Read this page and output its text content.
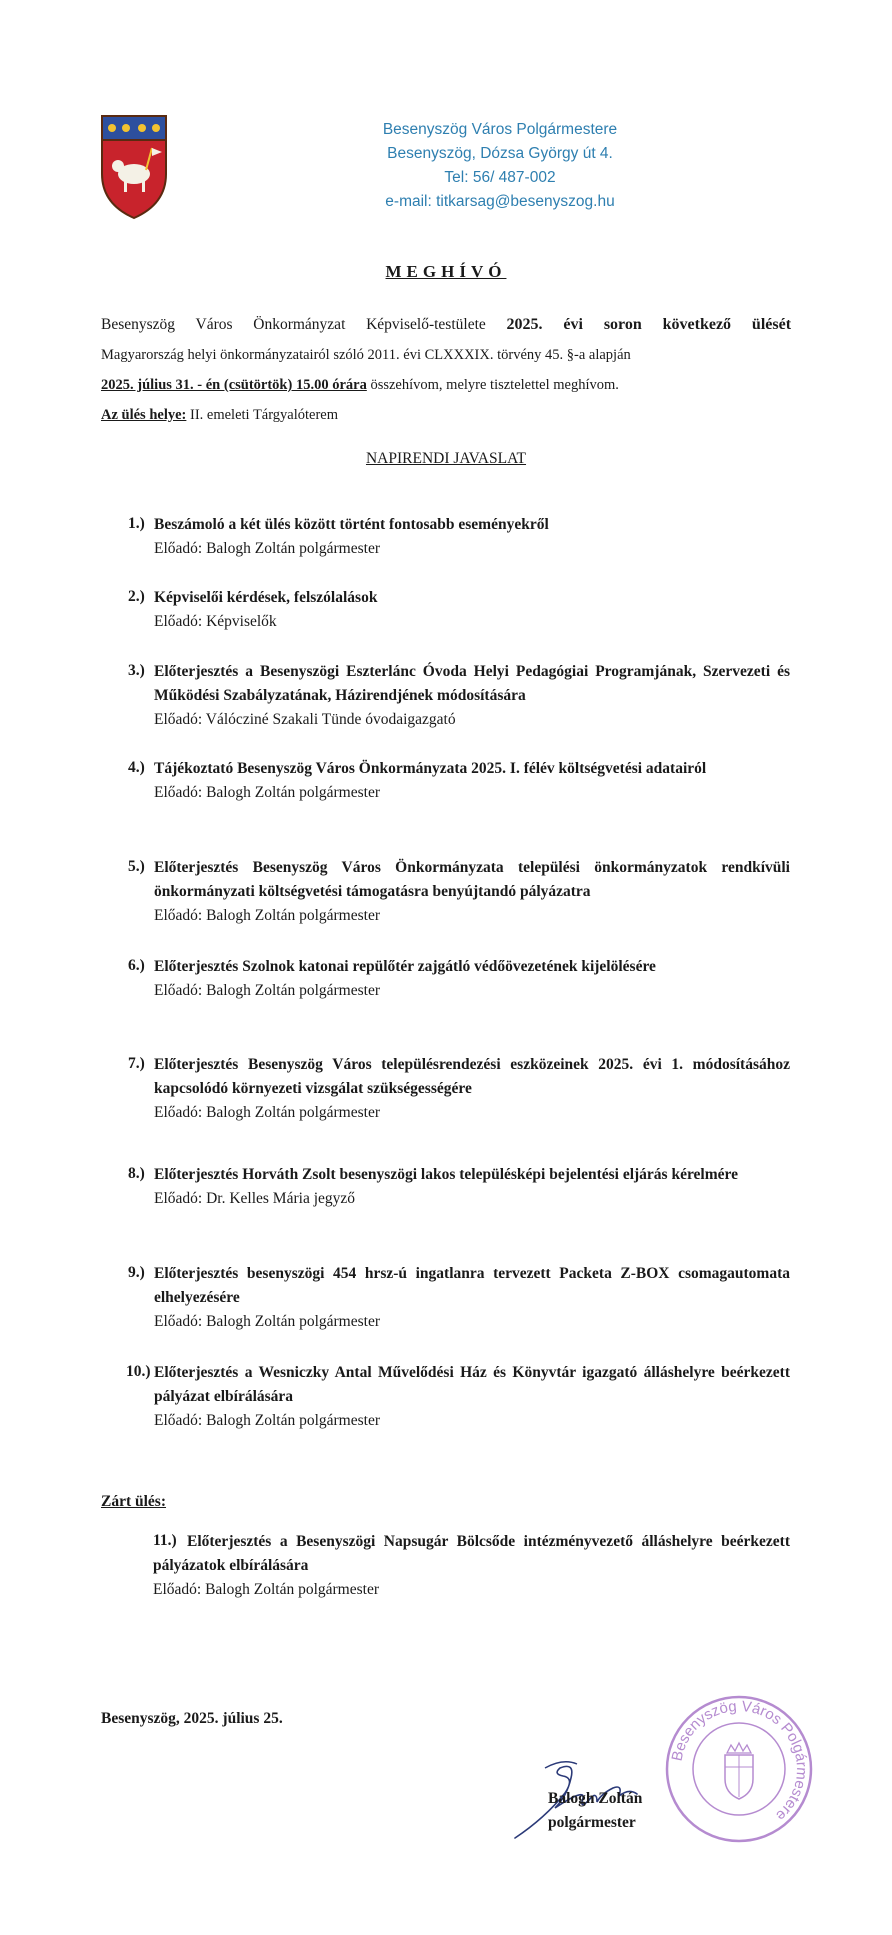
Besenyszög Város Polgármestere
Besenyszög, Dózsa György út 4.
Tel: 56/ 487-002
e-mail: titkarsag@besenyszog.hu
MEGHÍVÓ
Besenyszög Város Önkormányzat Képviselő-testülete 2025. évi soron következő ülését
Magyarország helyi önkormányzatairól szóló 2011. évi CLXXXIX. törvény 45. §-a alapján
2025. július 31. - én (csütörtök) 15.00 órára összehívom, melyre tisztelettel meghívom.
Az ülés helye: II. emeleti Tárgyalóterem
NAPIRENDI JAVASLAT
1.) Beszámoló a két ülés között történt fontosabb eseményekről
Előadó: Balogh Zoltán polgármester
2.) Képviselői kérdések, felszólalások
Előadó: Képviselők
3.) Előterjesztés a Besenyszögi Eszterlánc Óvoda Helyi Pedagógiai Programjának, Szervezeti és Működési Szabályzatának, Házirendjének módosítására
Előadó: Válócziné Szakali Tünde óvodaigazgató
4.) Tájékoztató Besenyszög Város Önkormányzata 2025. I. félév költségvetési adatairól
Előadó: Balogh Zoltán polgármester
5.) Előterjesztés Besenyszög Város Önkormányzata települési önkormányzatok rendkívüli önkormányzati költségvetési támogatásra benyújtandó pályázatra
Előadó: Balogh Zoltán polgármester
6.) Előterjesztés Szolnok katonai repülőtér zajgátló védőövezetének kijelölésére
Előadó: Balogh Zoltán polgármester
7.) Előterjesztés Besenyszög Város településrendezési eszközeinek 2025. évi 1. módosításához kapcsolódó környezeti vizsgálat szükségességére
Előadó: Balogh Zoltán polgármester
8.) Előterjesztés Horváth Zsolt besenyszögi lakos településképi bejelentési eljárás kérelmére
Előadó: Dr. Kelles Mária jegyző
9.) Előterjesztés besenyszögi 454 hrsz-ú ingatlanra tervezett Packeta Z-BOX csomagautomata elhelyezésére
Előadó: Balogh Zoltán polgármester
10.) Előterjesztés a Wesniczky Antal Művelődési Ház és Könyvtár igazgató álláshelyre beérkezett pályázat elbírálására
Előadó: Balogh Zoltán polgármester
Zárt ülés:
11.) Előterjesztés a Besenyszögi Napsugár Bölcsőde intézményvezető álláshelyre beérkezett pályázatok elbírálására
Előadó: Balogh Zoltán polgármester
Besenyszög, 2025. július 25.
Besenyszög Város Polgármestere
Balogh Zoltán
polgármester
